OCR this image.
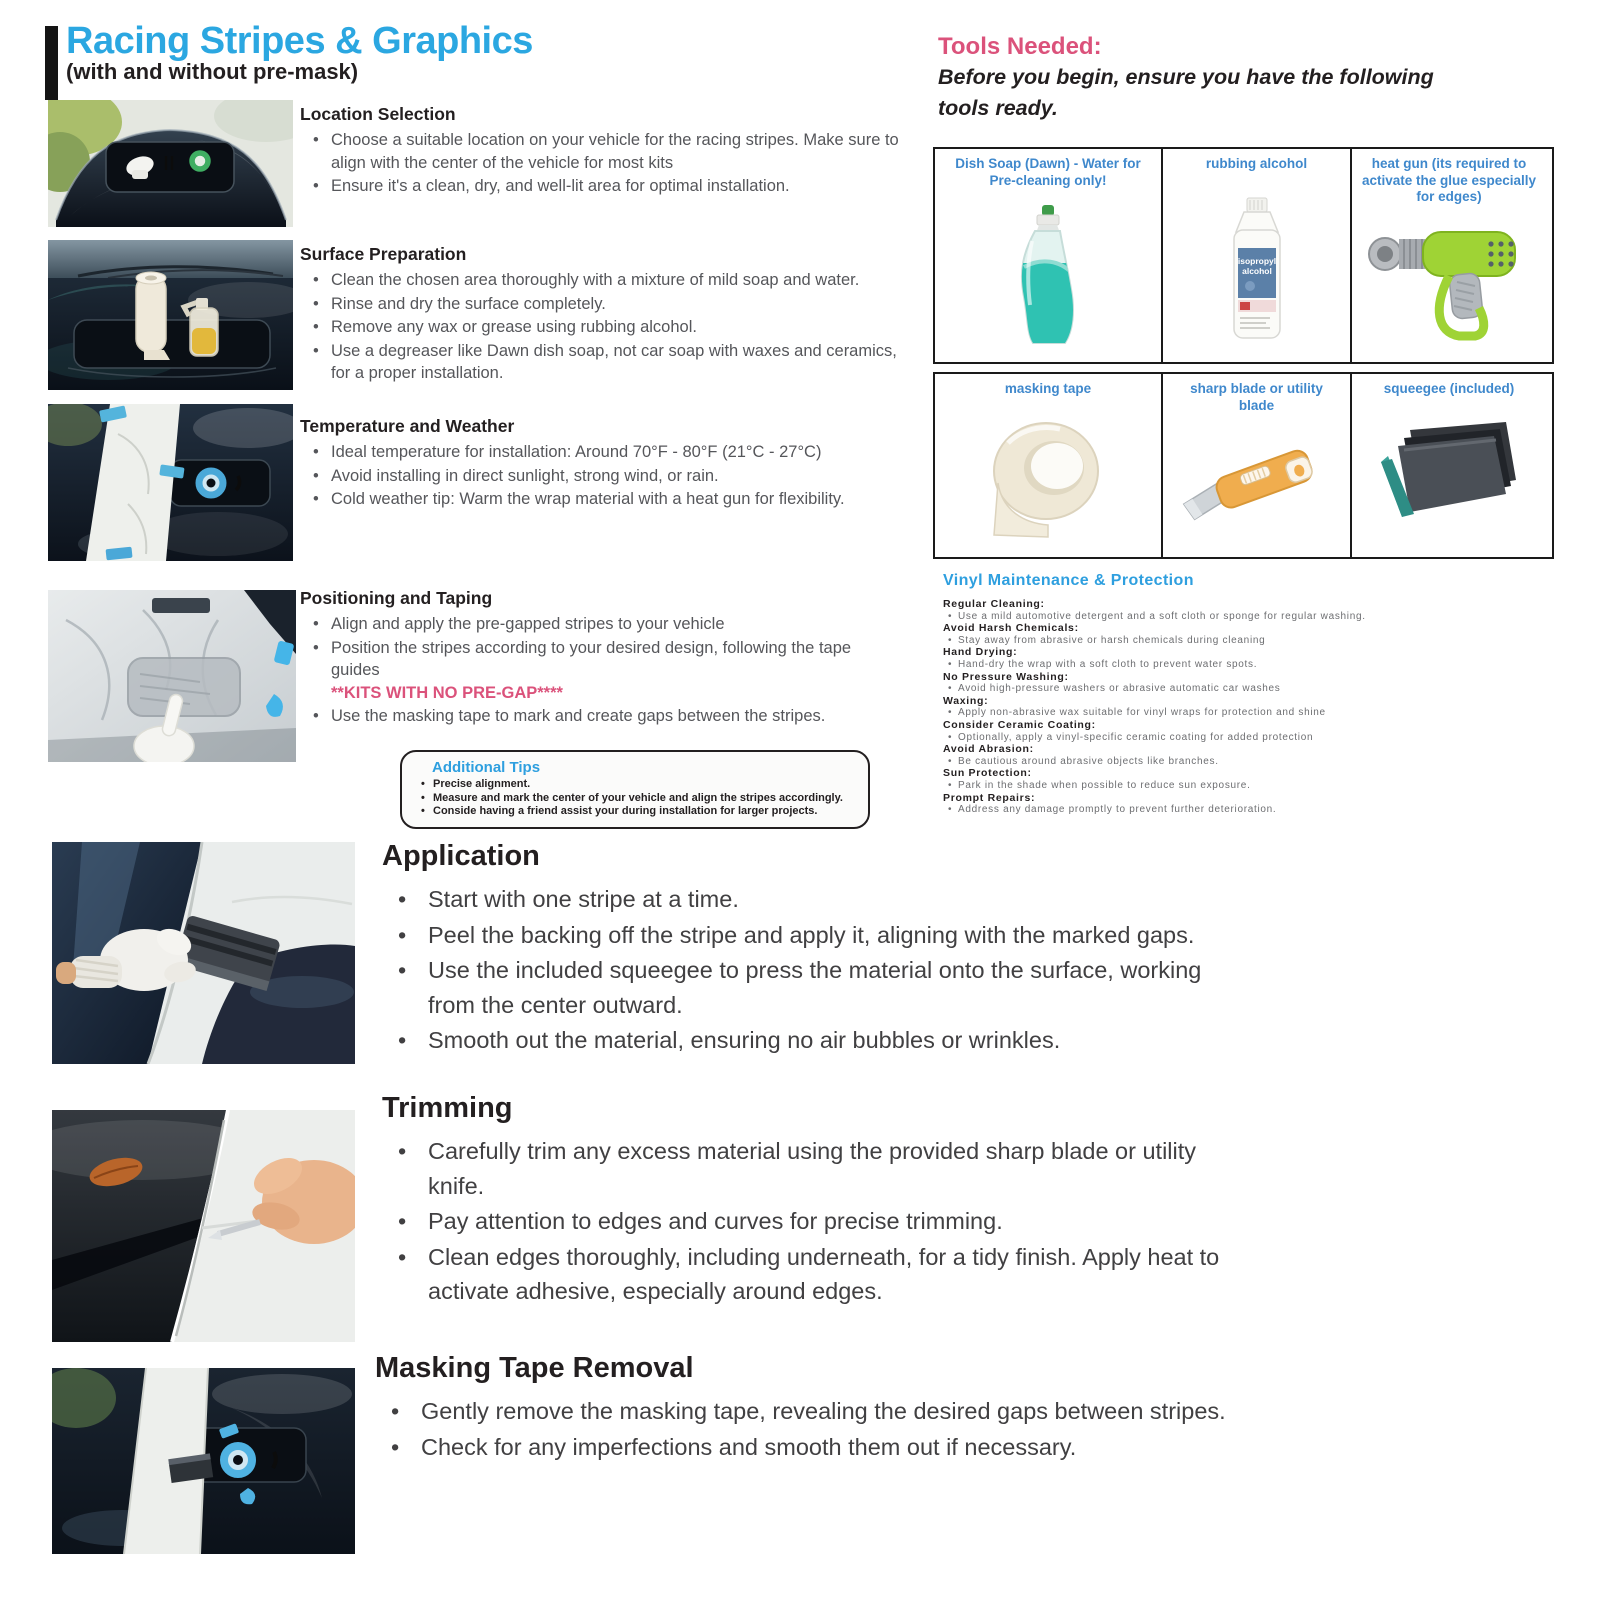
Racing Stripes & Graphics
(with and without pre-mask)
Tools Needed:
Before you begin, ensure you have the following tools ready.
Location Selection
• Choose a suitable location on your vehicle for the racing stripes. Make sure to align with the center of the vehicle for most kits
• Ensure it's a clean, dry, and well-lit area for optimal installation.
Surface Preparation
• Clean the chosen area thoroughly with a mixture of mild soap and water.
• Rinse and dry the surface completely.
• Remove any wax or grease using rubbing alcohol.
• Use a degreaser like Dawn dish soap, not car soap with waxes and ceramics, for a proper installation.
Temperature and Weather
• Ideal temperature for installation: Around 70°F - 80°F (21°C - 27°C)
• Avoid installing in direct sunlight, strong wind, or rain.
• Cold weather tip: Warm the wrap material with a heat gun for flexibility.
Positioning and Taping
• Align and apply the pre-gapped stripes to your vehicle
• Position the stripes according to your desired design, following the tape guides
**KITS WITH NO PRE-GAP****
• Use the masking tape to mark and create gaps between the stripes.
Additional Tips
• Precise alignment.
• Measure and mark the center of your vehicle and align the stripes accordingly.
• Conside having a friend assist your during installation for larger projects.
Dish Soap (Dawn) - Water for Pre-cleaning only!
rubbing alcohol
isopropyl
alcohol
heat gun (its required to activate the glue especially for edges)
masking tape	sharp blade or utility blade
squeegee (included)
Vinyl Maintenance & Protection
Regular Cleaning:
• Use a mild automotive detergent and a soft cloth or sponge for regular washing.
Avoid Harsh Chemicals:
• Stay away from abrasive or harsh chemicals during cleaning
Hand Drying:
• Hand-dry the wrap with a soft cloth to prevent water spots.
No Pressure Washing:
• Avoid high-pressure washers or abrasive automatic car washes
Waxing:
• Apply non-abrasive wax suitable for vinyl wraps for protection and shine
Consider Ceramic Coating:
• Optionally, apply a vinyl-specific ceramic coating for added protection
Avoid Abrasion:
• Be cautious around abrasive objects like branches.
Sun Protection:
• Park in the shade when possible to reduce sun exposure.
Prompt Repairs:
• Address any damage promptly to prevent further deterioration.
Application
• Start with one stripe at a time.
• Peel the backing off the stripe and apply it, aligning with the marked gaps.
• Use the included squeegee to press the material onto the surface, working from the center outward.
• Smooth out the material, ensuring no air bubbles or wrinkles.
Trimming
• Carefully trim any excess material using the provided sharp blade or utility knife.
• Pay attention to edges and curves for precise trimming.
• Clean edges thoroughly, including underneath, for a tidy finish. Apply heat to activate adhesive, especially around edges.
Masking Tape Removal
• Gently remove the masking tape, revealing the desired gaps between stripes.
• Check for any imperfections and smooth them out if necessary.
